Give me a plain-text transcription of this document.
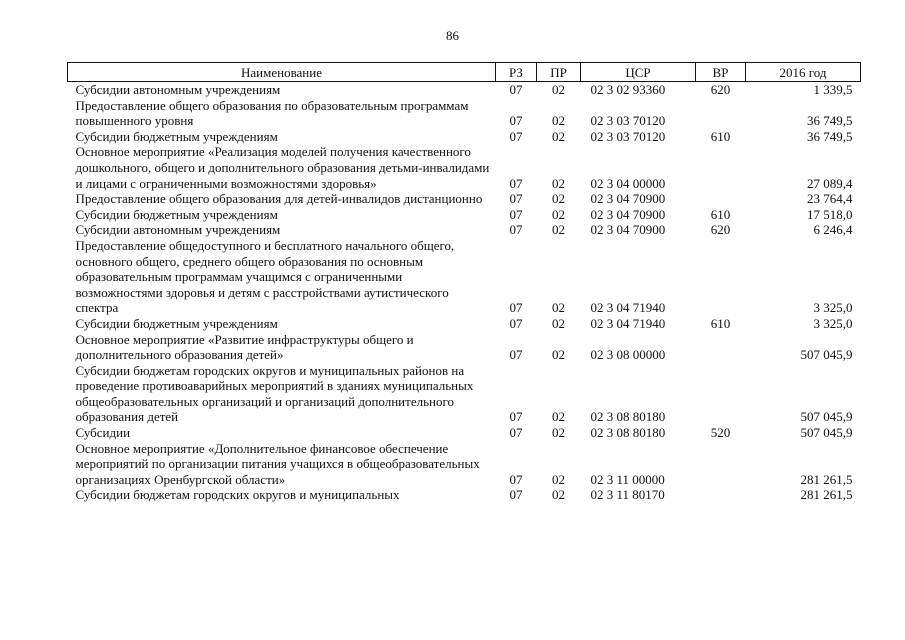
86
Наименование	РЗ	ПР	ЦСР	ВР	2016 год
Субсидии автономным учреждениям	07	02	02 3 02 93360	620	1 339,5
Предоставление общего образования по образовательным программам повышенного уровня	07	02	02 3 03 70120		36 749,5
Субсидии бюджетным учреждениям	07	02	02 3 03 70120	610	36 749,5
Основное мероприятие «Реализация моделей получения качественного дошкольного, общего и дополнительного образования детьми-инвалидами и лицами с ограниченными возможностями здоровья»	07	02	02 3 04 00000		27 089,4
Предоставление общего образования для детей-инвалидов дистанционно	07	02	02 3 04 70900		23 764,4
Субсидии бюджетным учреждениям	07	02	02 3 04 70900	610	17 518,0
Субсидии автономным учреждениям	07	02	02 3 04 70900	620	6 246,4
Предоставление общедоступного и бесплатного начального общего, основного общего, среднего общего образования по основным образовательным программам учащимся с ограниченными возможностями здоровья и детям с расстройствами аутистического спектра	07	02	02 3 04 71940		3 325,0
Субсидии бюджетным учреждениям	07	02	02 3 04 71940	610	3 325,0
Основное мероприятие «Развитие инфраструктуры общего и дополнительного образования детей»	07	02	02 3 08 00000		507 045,9
Субсидии бюджетам городских округов и муниципальных районов на проведение противоаварийных мероприятий в зданиях муниципальных общеобразовательных организаций и организаций дополнительного образования детей	07	02	02 3 08 80180		507 045,9
Субсидии	07	02	02 3 08 80180	520	507 045,9
Основное мероприятие «Дополнительное финансовое обеспечение мероприятий по организации питания учащихся в общеобразовательных организациях Оренбургской области»	07	02	02 3 11 00000		281 261,5
Субсидии бюджетам городских округов и муниципальных	07	02	02 3 11 80170		281 261,5
